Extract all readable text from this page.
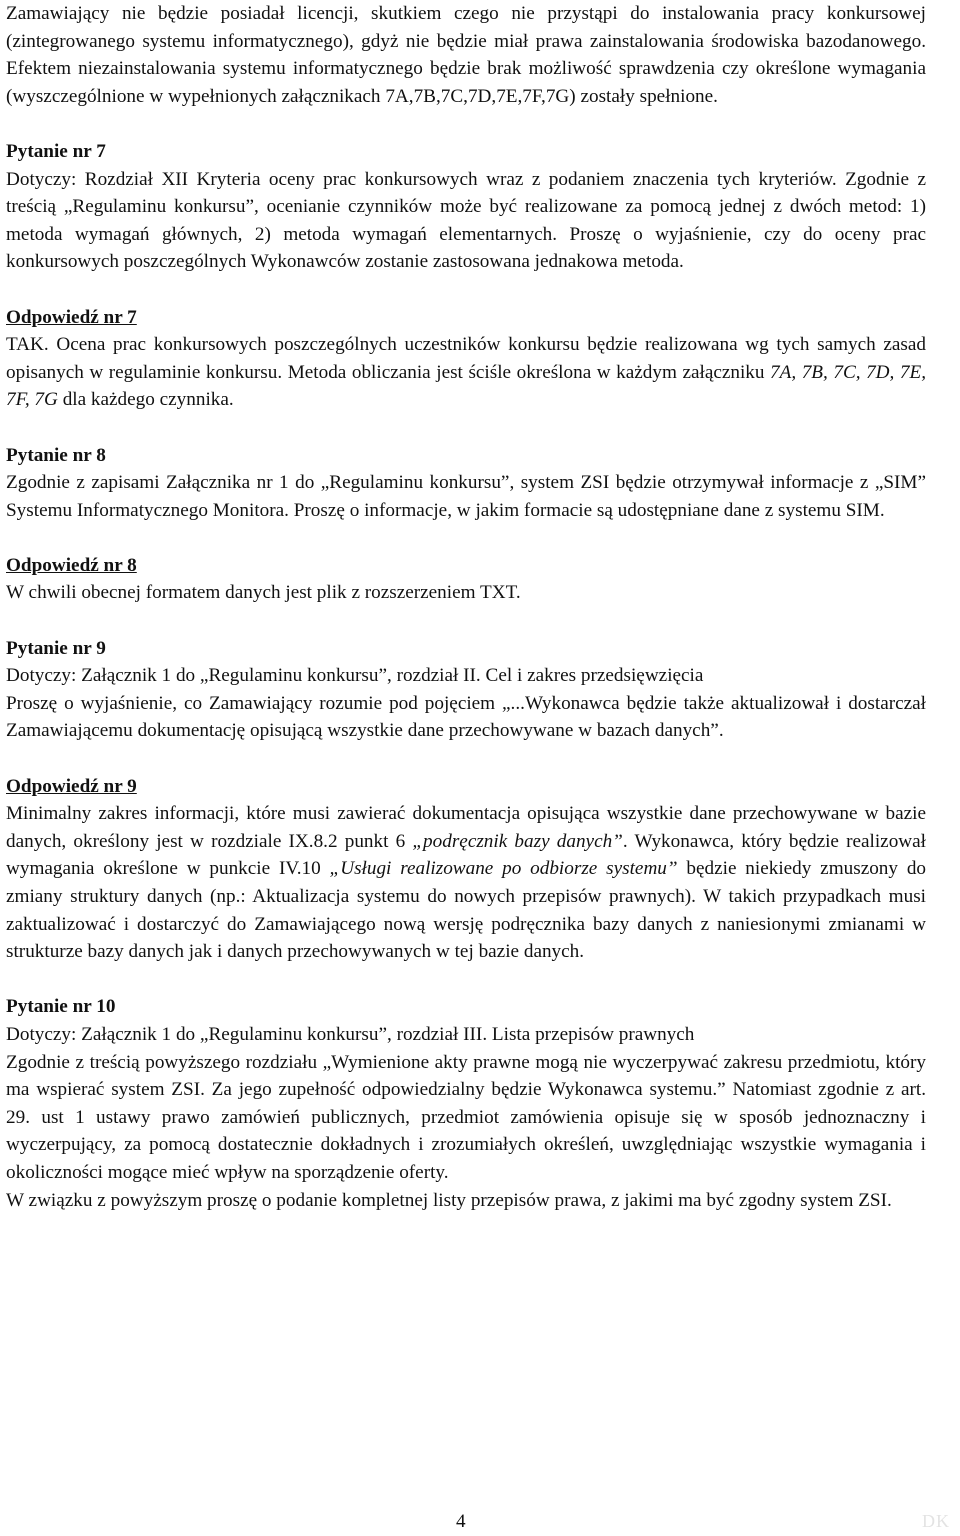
Zamawiający nie będzie posiadał licencji, skutkiem czego nie przystąpi do instalowania pracy konkursowej (zintegrowanego systemu informatycznego), gdyż nie będzie miał prawa zainstalowania środowiska bazodanowego. Efektem niezainstalowania systemu informatycznego będzie brak możliwość sprawdzenia czy określone wymagania (wyszczególnione w wypełnionych załącznikach 7A,7B,7C,7D,7E,7F,7G) zostały spełnione.

Pytanie nr 7

Dotyczy: Rozdział XII Kryteria oceny prac konkursowych wraz z podaniem znaczenia tych kryteriów. Zgodnie z treścią „Regulaminu konkursu”, ocenianie czynników może być realizowane za pomocą jednej z dwóch metod: 1) metoda wymagań głównych, 2) metoda wymagań elementarnych. Proszę o wyjaśnienie, czy do oceny prac konkursowych poszczególnych Wykonawców zostanie zastosowana jednakowa metoda.

Odpowiedź nr 7

TAK. Ocena prac konkursowych poszczególnych uczestników konkursu będzie realizowana wg tych samych zasad opisanych w regulaminie konkursu. Metoda obliczania jest ściśle określona w każdym załączniku 7A, 7B, 7C, 7D, 7E, 7F, 7G dla każdego czynnika.

Pytanie nr 8

Zgodnie z zapisami Załącznika nr 1 do „Regulaminu konkursu”, system ZSI będzie otrzymywał informacje z „SIM” Systemu Informatycznego Monitora. Proszę o informacje, w jakim formacie są udostępniane dane z systemu SIM.

Odpowiedź nr 8

W chwili obecnej formatem danych jest plik z rozszerzeniem TXT.

Pytanie nr 9

Dotyczy: Załącznik 1 do „Regulaminu konkursu”, rozdział II. Cel i zakres przedsięwzięcia

Proszę o wyjaśnienie, co Zamawiający rozumie pod pojęciem „...Wykonawca będzie także aktualizował i dostarczał Zamawiającemu dokumentację opisującą wszystkie dane przechowywane w bazach danych”.

Odpowiedź nr 9

Minimalny zakres informacji, które musi zawierać dokumentacja opisująca wszystkie dane przechowywane w bazie danych, określony jest w rozdziale IX.8.2 punkt 6 „podręcznik bazy danych”. Wykonawca, który będzie realizował wymagania określone w punkcie IV.10 „Usługi realizowane po odbiorze systemu” będzie niekiedy zmuszony do zmiany struktury danych (np.: Aktualizacja systemu do nowych przepisów prawnych). W takich przypadkach musi zaktualizować i dostarczyć do Zamawiającego nową wersję podręcznika bazy danych z naniesionymi zmianami w strukturze bazy danych jak i danych przechowywanych w tej bazie danych.

Pytanie nr 10

Dotyczy: Załącznik 1 do „Regulaminu konkursu”, rozdział III. Lista przepisów prawnych

Zgodnie z treścią powyższego rozdziału „Wymienione akty prawne mogą nie wyczerpywać zakresu przedmiotu, który ma wspierać system ZSI. Za jego zupełność odpowiedzialny będzie Wykonawca systemu.” Natomiast zgodnie z art. 29. ust 1 ustawy prawo zamówień publicznych, przedmiot zamówienia opisuje się w sposób jednoznaczny i wyczerpujący, za pomocą dostatecznie dokładnych i zrozumiałych określeń, uwzględniając wszystkie wymagania i okoliczności mogące mieć wpływ na sporządzenie oferty.

W związku z powyższym proszę o podanie kompletnej listy przepisów prawa, z jakimi ma być zgodny system ZSI.

4	DK
